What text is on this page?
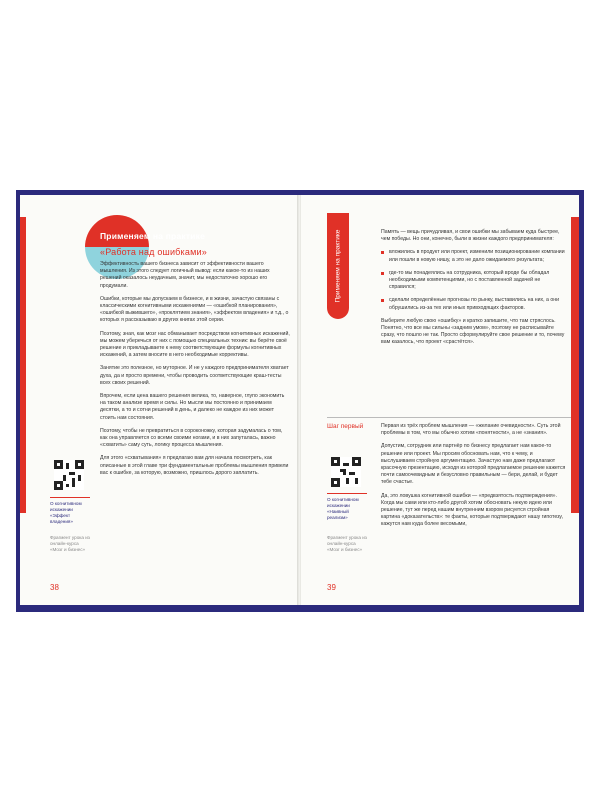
Применяем на практике
«Работа над ошибками»

Эффективность вашего бизнеса зависит от эффективности вашего мышления. Из этого следует логичный вывод: если какое-то из наших решений оказалось неудачным, значит, мы недостаточно хорошо его продумали.

Ошибки, которые мы допускаем в бизнесе, и в жизни, зачастую связаны с классическими когнитивными искажениями — «ошибкой планирования», «ошибкой выжившего», «проклятием знания», «эффектом владения» и т.д., о которых я рассказываю в других книгах этой серии.

Поэтому, зная, как мозг нас обманывает посредством когнитивных искажений, мы можем уберечься от них с помощью специальных техник: вы берёте своё решение и прикладываете к нему соответствующие формулы когнитивных искажений, а затем вносите в него необходимые коррективы.

Занятие это полезное, но муторное. И не у каждого предпринимателя хватает духа, да и просто времени, чтобы проводить соответствующие краш-тесты всех своих решений.

Впрочем, если цена вашего решения велика, то, наверное, глупо экономить на таком анализе время и силы. Но мысли мы постоянно и принимаем десятки, а то и сотни решений в день, и далеко не каждое из них может стоить нам состояния.

Поэтому, чтобы не превратиться в сороконожку, которая задумалась о том, как она управляется со всеми своими ногами, и в них запуталась, важно «схватить» саму суть, логику процесса мышления.

Для этого «схватывания» я предлагаю вам для начала посмотреть, как описанные в этой главе три фундаментальные проблемы мышления привели вас к ошибке, за которую, возможно, пришлось дорого заплатить.

О когнитивном искажении «Эффект владения»
Фрагмент урока из онлайн-курса «Мозг и бизнес»
38
Применяем на практике	Память — вещь причудливая, и свои ошибки мы забываем куда быстрее, чем победы. Но они, конечно, были в жизни каждого предпринимателя:

вложились в продукт или проект, изменили позиционирование компании или пошли в новую нишу, а это не дало ожидаемого результата;

где-то мы понадеялись на сотрудника, который вроде бы обладал необходимыми компетенциями, но с поставленной задачей не справился;

сделали определённые прогнозы по рынку, выставились на них, а они обрушились из-за тех или иных привходящих факторов.

Выберите любую свою «ошибку» и кратко запишите, что там стряслось. Понятно, что все мы сильны «задним умом», поэтому не расписывайте сразу, что пошло не так. Просто сформулируйте свое решение и то, почему вам казалось, что проект «срастётся».

Шаг первый	Первая из трёх проблем мышления — «желание очевидности». Суть этой проблемы в том, что мы обычно хотим «понятности», а не «знания».

Допустим, сотрудник или партнёр по бизнесу предлагает нам какое-то решение или проект. Мы просим обосновать нам, что к чему, и выслушиваем стройную аргументацию. Зачастую нам даже предлагают красочную презентацию, исходя из которой предлагаемое решение кажется почти самоочевидным и безусловно правильным — бери, делай, и будет тебе счастье.

Да, это ловушка когнитивной ошибки — «предвзятость подтверждения». Когда мы сами или кто-либо другой хотим обосновать некую идею или решение, тут же перед нашим внутренним взором рисуется стройная картина «доказательств»: те факты, которые подтверждают нашу гипотезу, кажутся нам куда более весомыми,

О когнитивном искажении «Наивный реализм»
Фрагмент урока из онлайн-курса «Мозг и бизнес»
39
